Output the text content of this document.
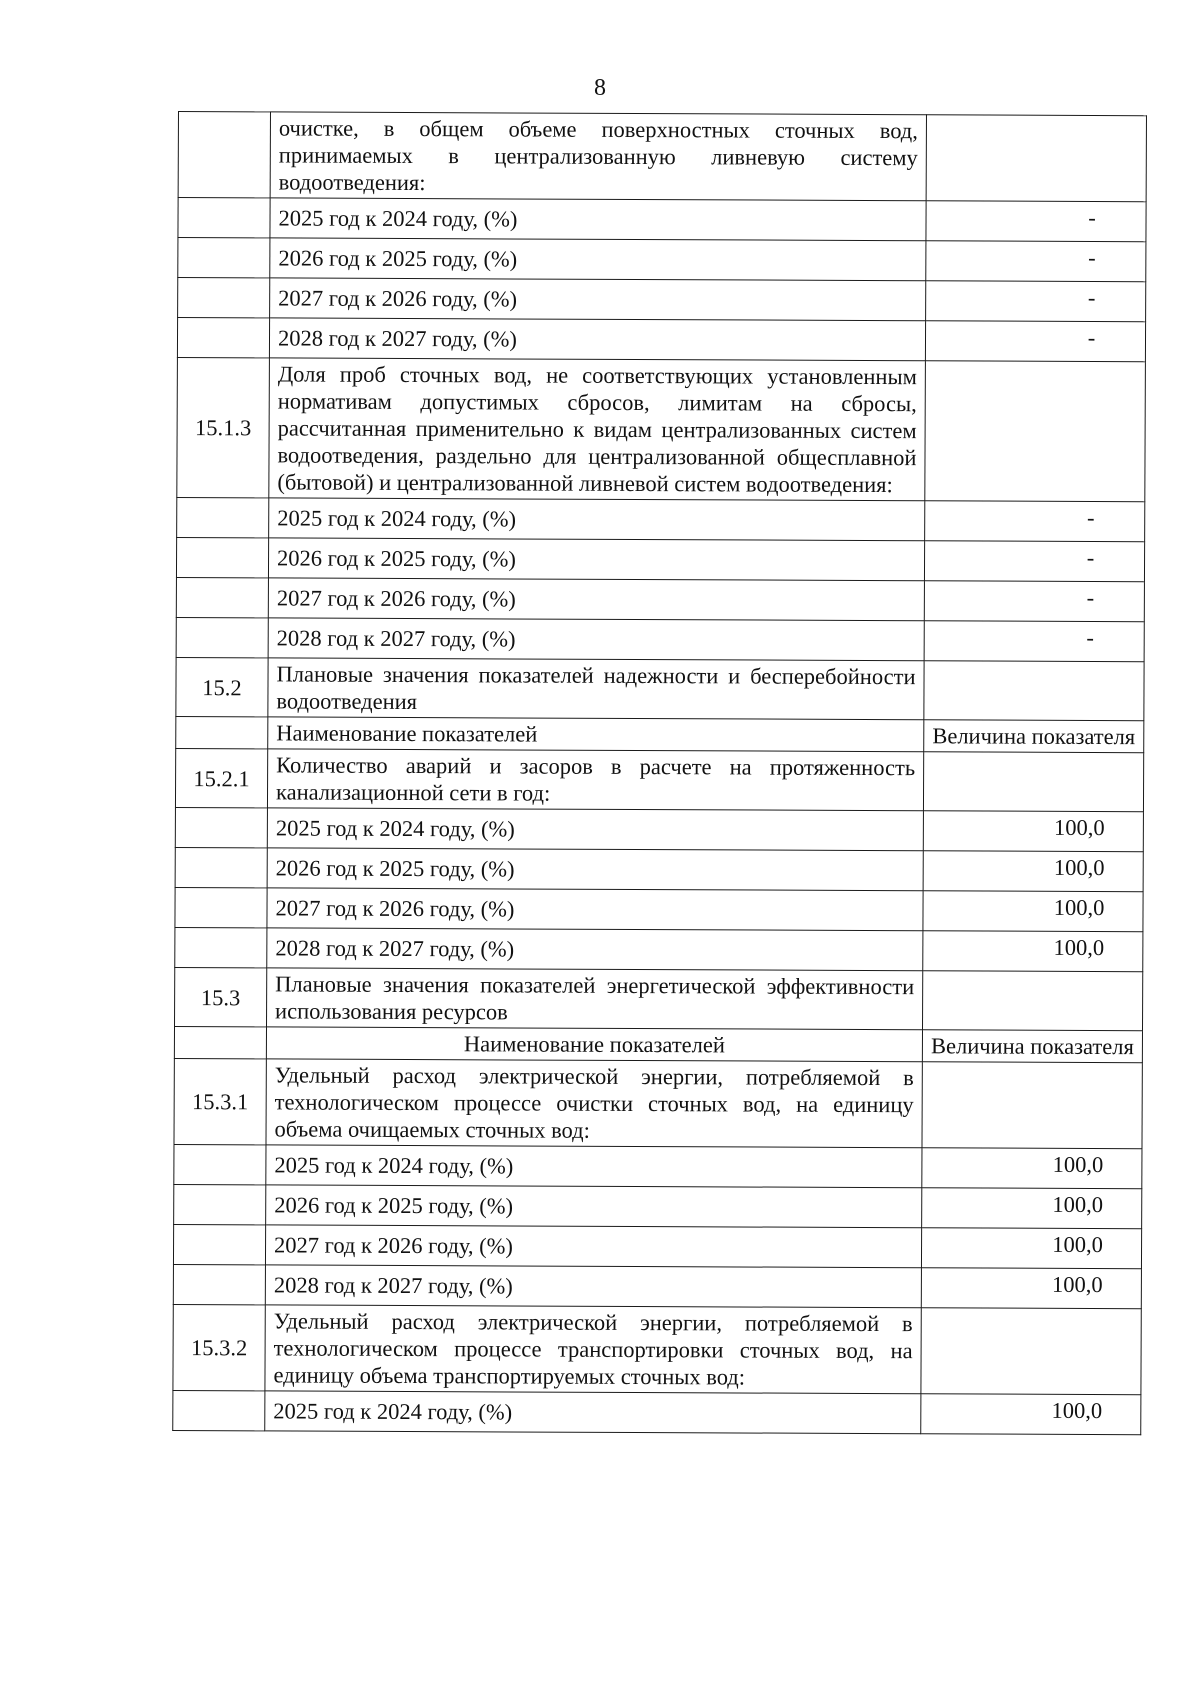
8
	очистке, в общем объеме поверхностных сточных вод, принимаемых в централизованную ливневую систему водоотведения:	
	2025 год к 2024 году, (%)	-
	2026 год к 2025 году, (%)	-
	2027 год к 2026 году, (%)	-
	2028 год к 2027 году, (%)	-
15.1.3	Доля проб сточных вод, не соответствующих установленным нормативам допустимых сбросов, лимитам на сбросы, рассчитанная применительно к видам централизованных систем водоотведения, раздельно для централизованной общесплавной (бытовой) и централизованной ливневой систем водоотведения:	
	2025 год к 2024 году, (%)	-
	2026 год к 2025 году, (%)	-
	2027 год к 2026 году, (%)	-
	2028 год к 2027 году, (%)	-
15.2	Плановые значения показателей надежности и бесперебойности водоотведения	
	Наименование показателей	Величина показателя
15.2.1	Количество аварий и засоров в расчете на протяженность канализационной сети в год:	
	2025 год к 2024 году, (%)	100,0
	2026 год к 2025 году, (%)	100,0
	2027 год к 2026 году, (%)	100,0
	2028 год к 2027 году, (%)	100,0
15.3	Плановые значения показателей энергетической эффективности использования ресурсов	
	Наименование показателей	Величина показателя
15.3.1	Удельный расход электрической энергии, потребляемой в технологическом процессе очистки сточных вод, на единицу объема очищаемых сточных вод:	
	2025 год к 2024 году, (%)	100,0
	2026 год к 2025 году, (%)	100,0
	2027 год к 2026 году, (%)	100,0
	2028 год к 2027 году, (%)	100,0
15.3.2	Удельный расход электрической энергии, потребляемой в технологическом процессе транспортировки сточных вод, на единицу объема транспортируемых сточных вод:	
	2025 год к 2024 году, (%)	100,0
